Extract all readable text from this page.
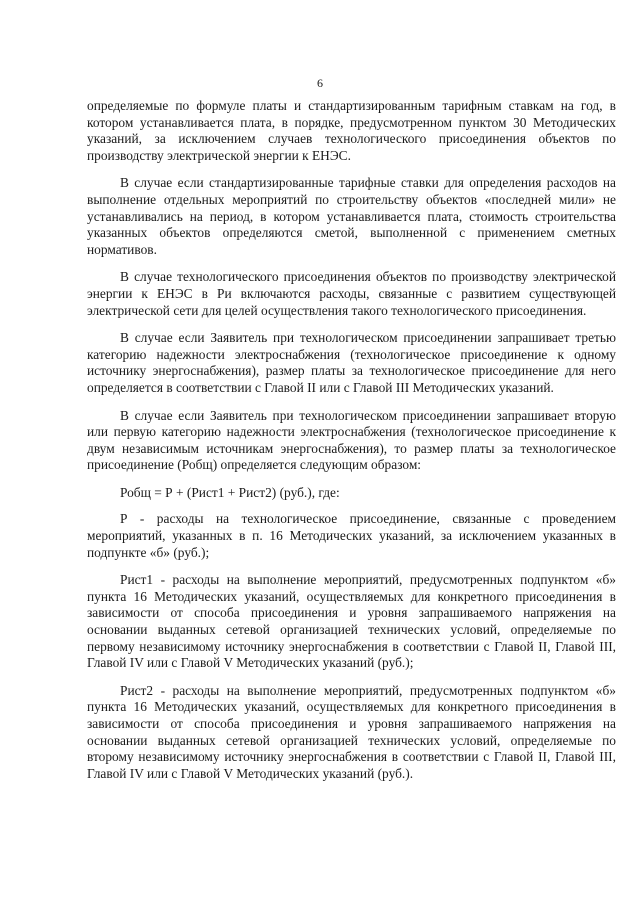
6

определяемые по формуле платы и стандартизированным тарифным ставкам на год, в котором устанавливается плата, в порядке, предусмотренном пунктом 30 Методических указаний, за исключением случаев технологического присоединения объектов по производству электрической энергии к ЕНЭС.

В случае если стандартизированные тарифные ставки для определения расходов на выполнение отдельных мероприятий по строительству объектов «последней мили» не устанавливались на период, в котором устанавливается плата, стоимость строительства указанных объектов определяются сметой, выполненной с применением сметных нормативов.

В случае технологического присоединения объектов по производству электрической энергии к ЕНЭС в Ри включаются расходы, связанные с развитием существующей электрической сети для целей осуществления такого технологического присоединения.

В случае если Заявитель при технологическом присоединении запрашивает третью категорию надежности электроснабжения (технологическое присоединение к одному источнику энергоснабжения), размер платы за технологическое присоединение для него определяется в соответствии с Главой II или с Главой III Методических указаний.

В случае если Заявитель при технологическом присоединении запрашивает вторую или первую категорию надежности электроснабжения (технологическое присоединение к двум независимым источникам энергоснабжения), то размер платы за технологическое присоединение (Робщ) определяется следующим образом:

Робщ = Р + (Рист1 + Рист2) (руб.), где:

Р - расходы на технологическое присоединение, связанные с проведением мероприятий, указанных в п. 16 Методических указаний, за исключением указанных в подпункте «б» (руб.);

Рист1 - расходы на выполнение мероприятий, предусмотренных подпунктом «б» пункта 16 Методических указаний, осуществляемых для конкретного присоединения в зависимости от способа присоединения и уровня запрашиваемого напряжения на основании выданных сетевой организацией технических условий, определяемые по первому независимому источнику энергоснабжения в соответствии с Главой II, Главой III, Главой IV или с Главой V Методических указаний (руб.);

Рист2 - расходы на выполнение мероприятий, предусмотренных подпунктом «б» пункта 16 Методических указаний, осуществляемых для конкретного присоединения в зависимости от способа присоединения и уровня запрашиваемого напряжения на основании выданных сетевой организацией технических условий, определяемые по второму независимому источнику энергоснабжения в соответствии с Главой II, Главой III, Главой IV или с Главой V Методических указаний (руб.).
